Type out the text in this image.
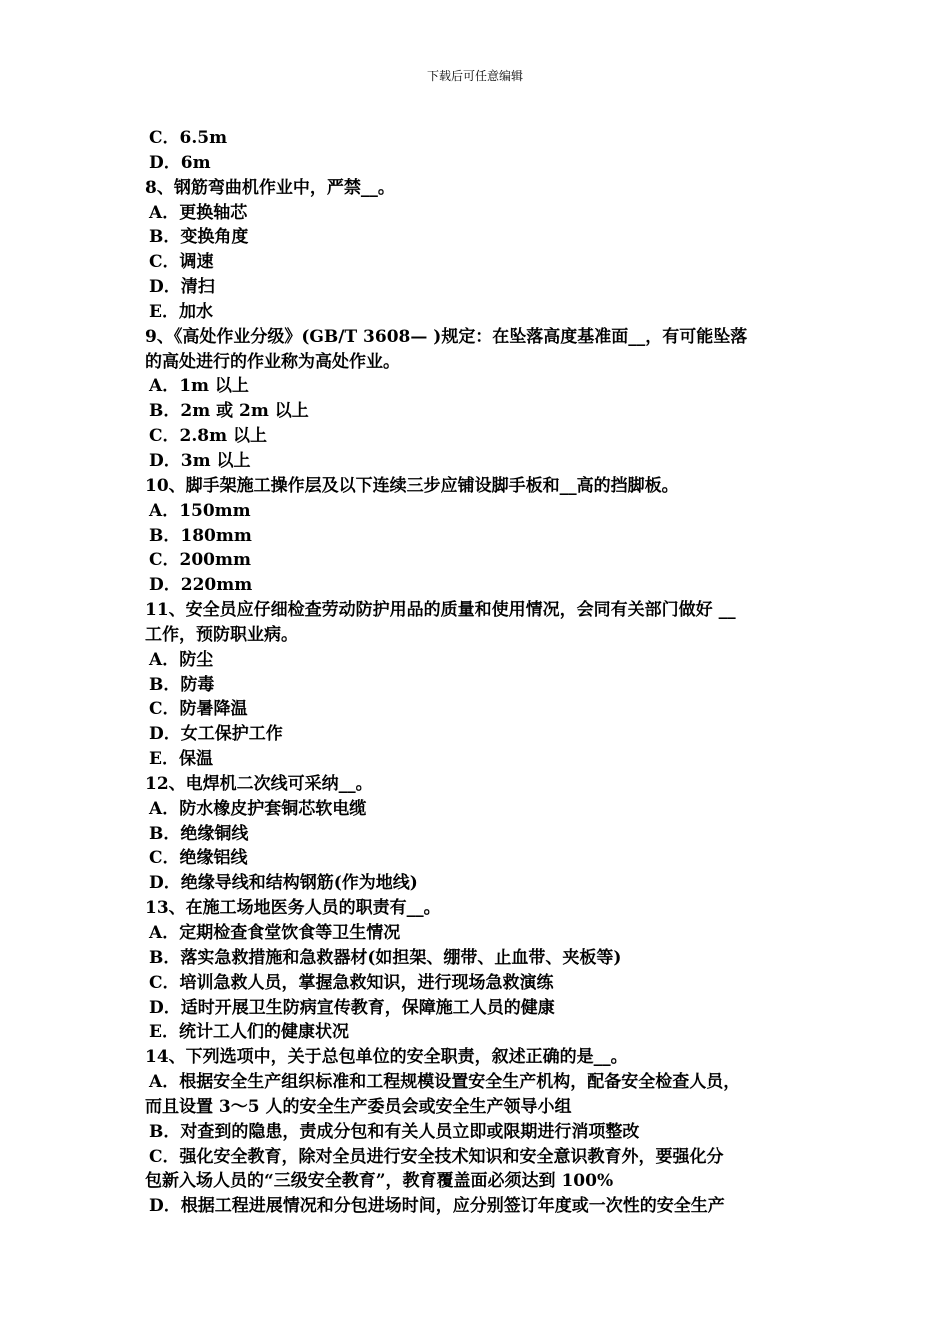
下载后可任意编辑
C．6.5m
D．6m
8、钢筋弯曲机作业中，严禁__。
A．更换轴芯
B．变换角度
C．调速
D．清扫
E．加水
9、《高处作业分级》(GB/T 3608— )规定：在坠落高度基准面__，有可能坠落
的高处进行的作业称为高处作业。
A．1m 以上
B．2m 或 2m 以上
C．2.8m 以上
D．3m 以上
10、脚手架施工操作层及以下连续三步应铺设脚手板和__高的挡脚板。
A．150mm
B．180mm
C．200mm
D．220mm
11、安全员应仔细检查劳动防护用品的质量和使用情况，会同有关部门做好 __
工作，预防职业病。
A．防尘
B．防毒
C．防暑降温
D．女工保护工作
E．保温
12、电焊机二次线可采纳__。
A．防水橡皮护套铜芯软电缆
B．绝缘铜线
C．绝缘铝线
D．绝缘导线和结构钢筋(作为地线)
13、在施工场地医务人员的职责有__。
A．定期检查食堂饮食等卫生情况
B．落实急救措施和急救器材(如担架、绷带、止血带、夹板等)
C．培训急救人员，掌握急救知识，进行现场急救演练
D．适时开展卫生防病宣传教育，保障施工人员的健康
E．统计工人们的健康状况
14、下列选项中，关于总包单位的安全职责，叙述正确的是__。
A．根据安全生产组织标准和工程规模设置安全生产机构，配备安全检查人员，
而且设置 3～5 人的安全生产委员会或安全生产领导小组
B．对查到的隐患，责成分包和有关人员立即或限期进行消项整改
C．强化安全教育，除对全员进行安全技术知识和安全意识教育外，要强化分
包新入场人员的“三级安全教育”，教育覆盖面必须达到 100%
D．根据工程进展情况和分包进场时间，应分别签订年度或一次性的安全生产
